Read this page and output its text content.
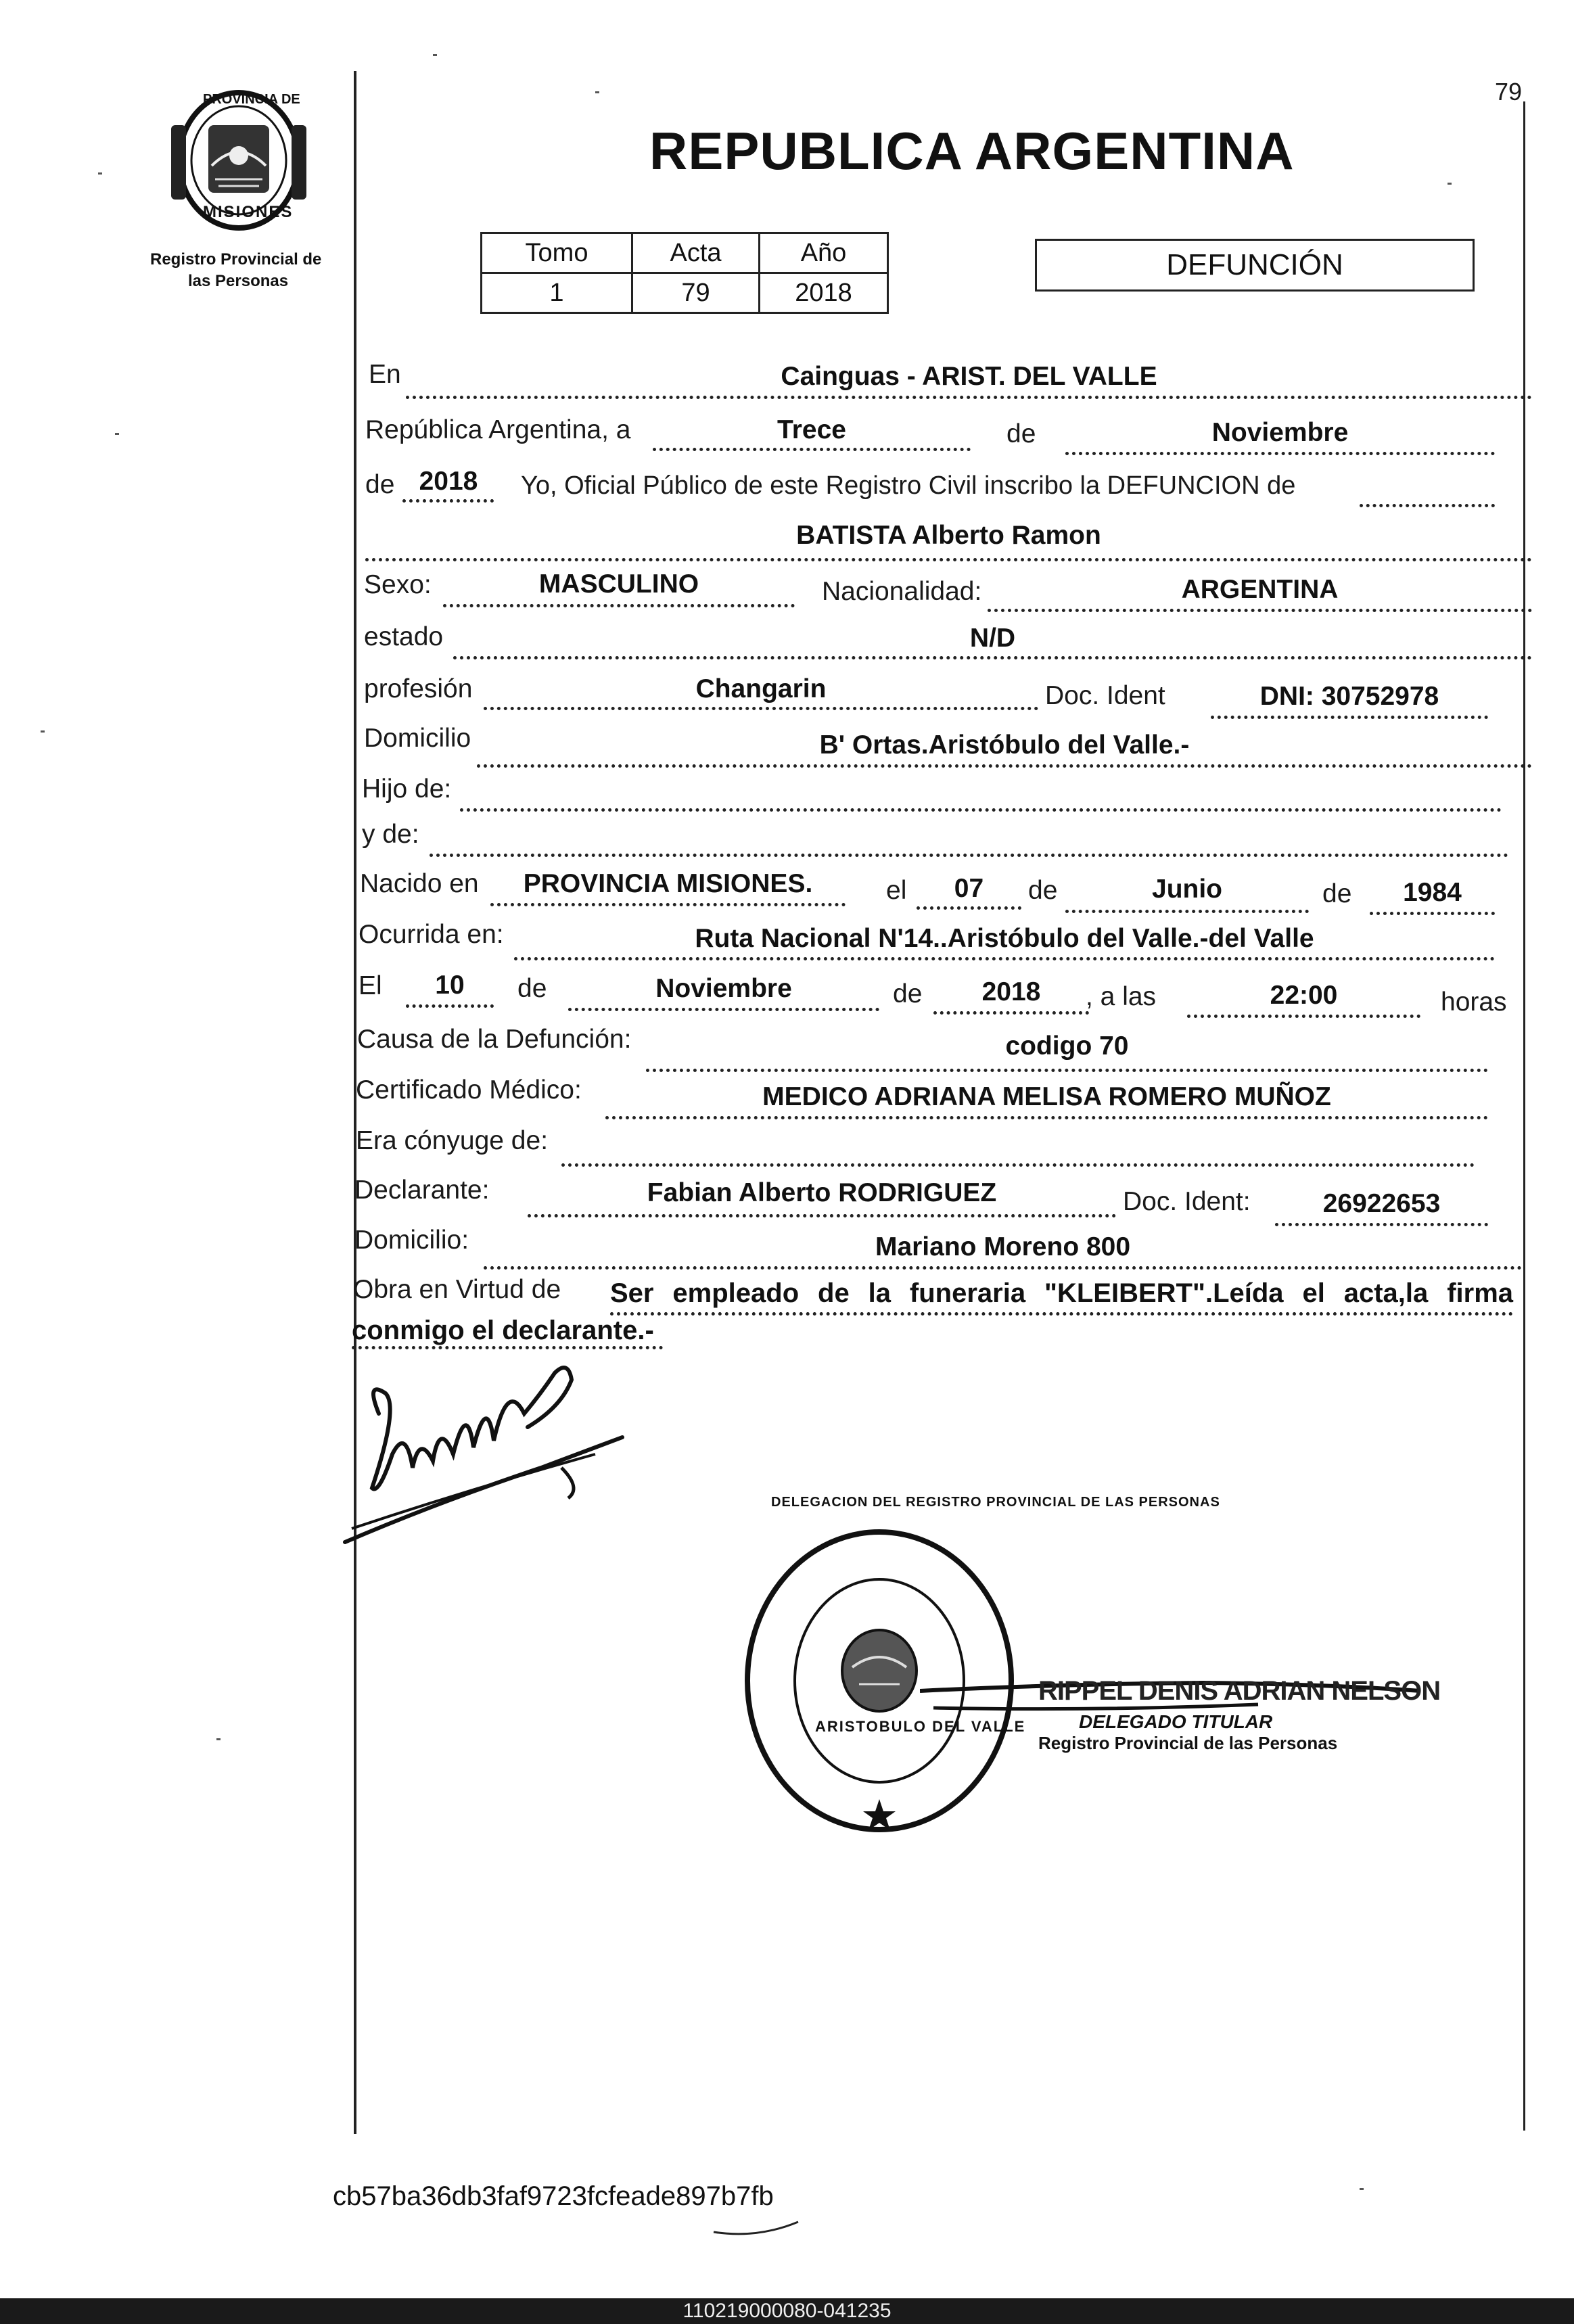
79
PROVINCIA DE
MISIONES
Registro Provincial de
las Personas
REPUBLICA ARGENTINA
Tomo	Acta	Año
1	79	2018
DEFUNCIÓN
En	Cainguas - ARIST. DEL VALLE
República Argentina, a	Trece	de	Noviembre
de 2018	Yo, Oficial Público de este Registro Civil inscribo la DEFUNCION de
BATISTA Alberto Ramon
Sexo:	MASCULINO	Nacionalidad:	ARGENTINA
estado	N/D
profesión	Changarin	Doc. Ident	DNI: 30752978
Domicilio	B' Ortas.Aristóbulo del Valle.-
Hijo de:
y de:
Nacido en	PROVINCIA MISIONES.	el	07	de	Junio	de	1984
Ocurrida en:	Ruta Nacional N'14..Aristóbulo del Valle.-del Valle
El	10	de	Noviembre	de	2018	, a las	22:00	horas
Causa de la Defunción:	codigo 70
Certificado Médico:	MEDICO ADRIANA MELISA ROMERO MUÑOZ
Era cónyuge de:
Declarante:	Fabian Alberto RODRIGUEZ	Doc. Ident:	26922653
Domicilio:	Mariano Moreno 800
Obra en Virtud de Ser empleado de la funeraria "KLEIBERT".Leída el acta,la firma
conmigo el declarante.-
DELEGACION DEL REGISTRO PROVINCIAL DE LAS PERSONAS
ARISTOBULO DEL VALLE
RIPPEL DENIS ADRIAN NELSON
DELEGADO TITULAR
Registro Provincial de las Personas
cb57ba36db3faf9723fcfeade897b7fb
110219000080-041235
